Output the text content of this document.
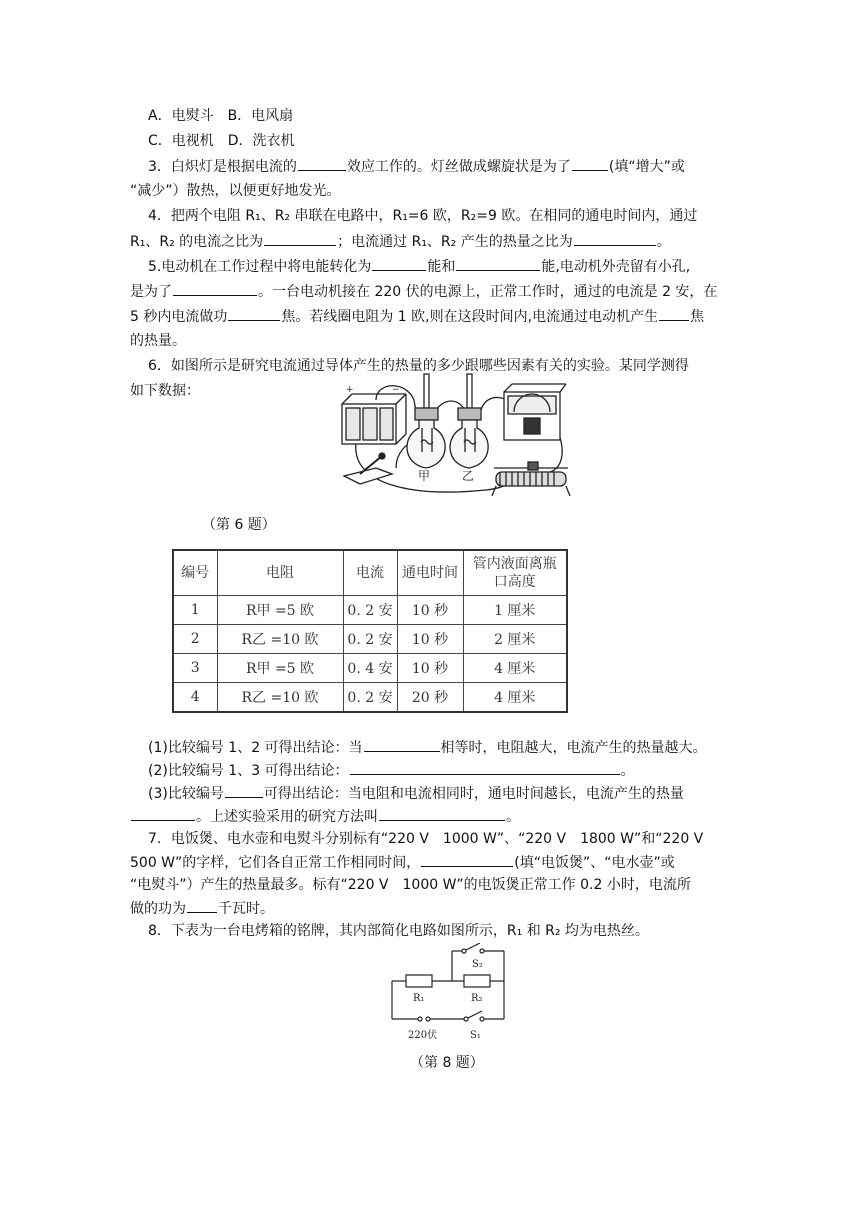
A．电熨斗　B．电风扇
C．电视机　D．洗衣机
3．白炽灯是根据电流的	效应工作的。灯丝做成螺旋状是为了	(填“增大”或
“减少”）散热，以便更好地发光。
4．把两个电阻 R₁、R₂ 串联在电路中，R₁=6 欧，R₂=9 欧。在相同的通电时间内，通过
R₁、R₂ 的电流之比为	；电流通过 R₁、R₂ 产生的热量之比为	。
5.电动机在工作过程中将电能转化为	能和	能,电动机外壳留有小孔,
是为了	。一台电动机接在 220 伏的电源上，正常工作时，通过的电流是 2 安，在
5 秒内电流做功	焦。若线圈电阻为 1 欧,则在这段时间内,电流通过电动机产生 焦
的热量。
6．如图所示是研究电流通过导体产生的热量的多少跟哪些因素有关的实验。某同学测得
如下数据：	+	−
甲	乙
（第 6 题）
编号	电阻	电流	通电时间	管内液面离瓶口高度
1	R甲 =5 欧	0. 2 安	10 秒	1 厘米
2	R乙 =10 欧	0. 2 安	10 秒	2 厘米
3	R甲 =5 欧	0. 4 安	10 秒	4 厘米
4	R乙 =10 欧	0. 2 安	20 秒	4 厘米
(1)比较编号 1、2 可得出结论：当	相等时，电阻越大，电流产生的热量越大。
(2)比较编号 1、3 可得出结论：	。
(3)比较编号	可得出结论：当电阻和电流相同时，通电时间越长，电流产生的热量
。上述实验采用的研究方法叫	。
7．电饭煲、电水壶和电熨斗分别标有“220 V　1000 W”、“220 V　1800 W”和“220 V
500 W”的字样，它们各自正常工作相同时间，	(填“电饭煲”、“电水壶”或
“电熨斗”）产生的热量最多。标有“220 V　1000 W”的电饭煲正常工作 0.2 小时，电流所
做的功为 千瓦时。
8．下表为一台电烤箱的铭牌，其内部简化电路如图所示，R₁ 和 R₂ 均为电热丝。
S₂
R₁	R₂
220伏	S₁
（第 8 题）
